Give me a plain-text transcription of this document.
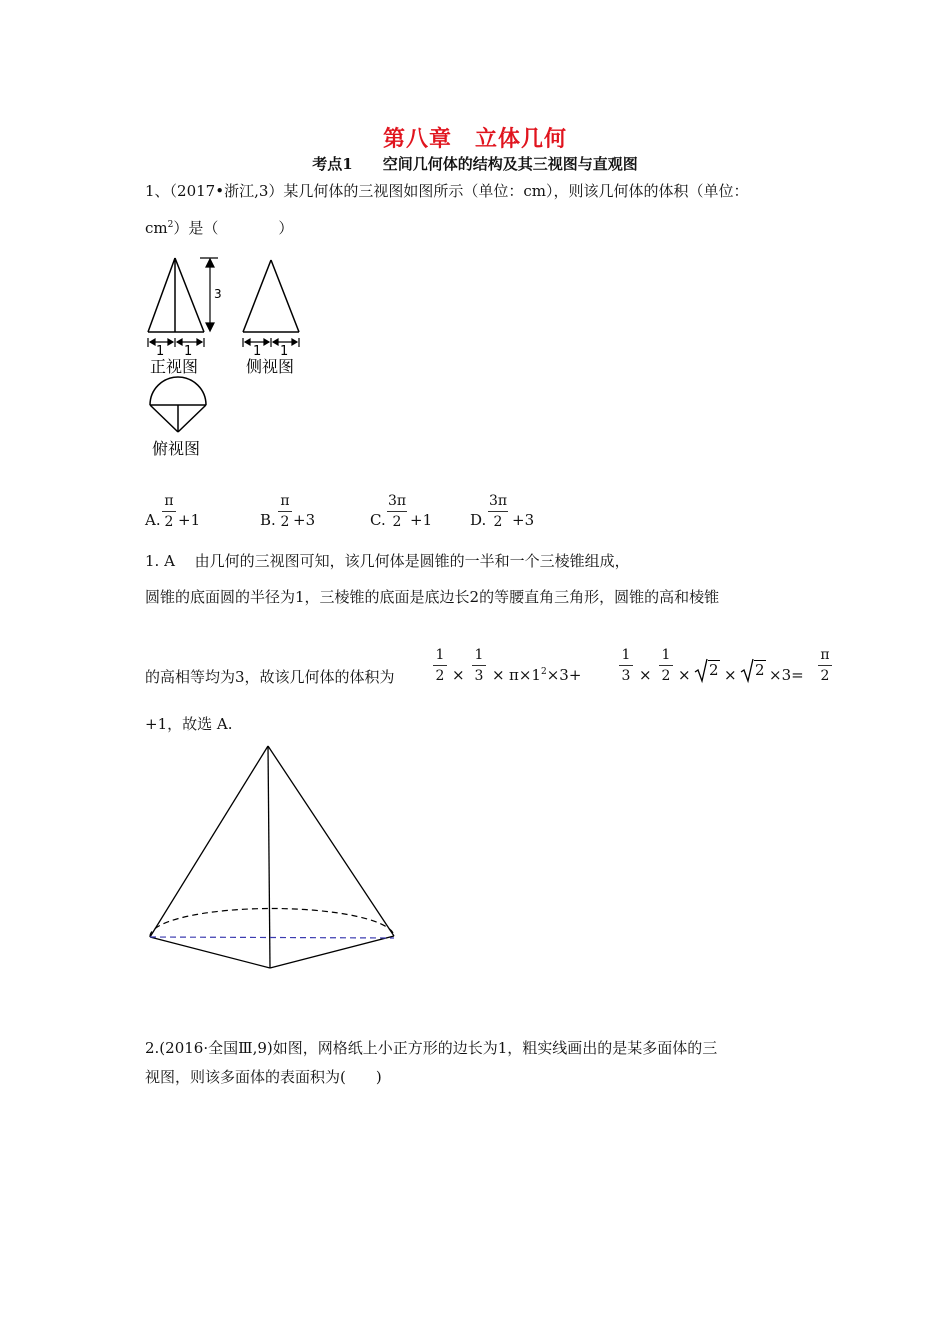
第八章　立体几何
考点1　　空间几何体的结构及其三视图与直观图
1、（2017•浙江,3）某几何体的三视图如图所示（单位：cm），则该几何体的体积（单位：
$cm^2$）是（　　　　）
1 1
3
正视图
1 1
侧视图
俯视图
A.
π
2 +1	B.
π
2 +3	C.
3π
2 +1	D.
3π
2 +3
1. A　 由几何的三视图可知，该几何体是圆锥的一半和一个三棱锥组成，
圆锥的底面圆的半径为1，三棱锥的底面是底边长2的等腰直角三角形，圆锥的高和棱锥
的高相等均为3，故该几何体的体积为
1
2 ×
1
$3 \times \pi\times 1^2\times 3+$
1
3 ×
1
2 × 2 × 2 ×3=
π
2
+1，故选 A.
2.(2016·全国Ⅲ,9)如图，网格纸上小正方形的边长为1，粗实线画出的是某多面体的三
视图，则该多面体的表面积为(　　)
